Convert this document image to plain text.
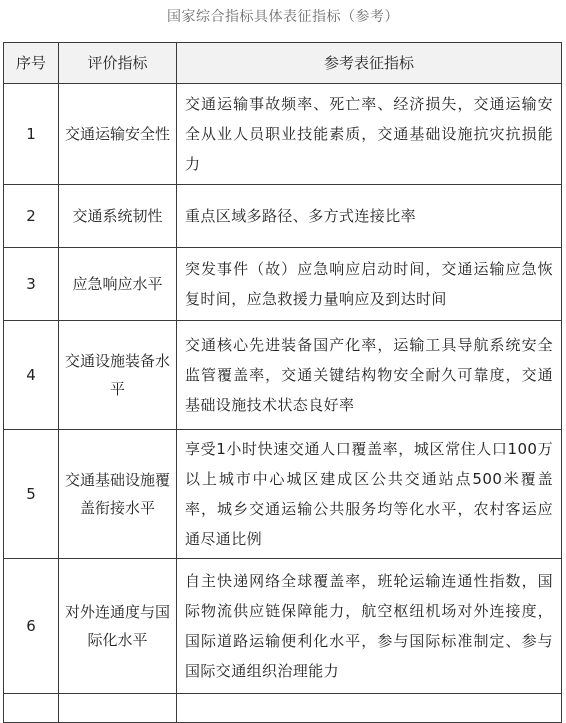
国家综合指标具体表征指标（参考）
序号	评价指标	参考表征指标
1	交通运输安全性	交通运输事故频率、死亡率、经济损失，交通运输安全从业人员职业技能素质，交通基础设施抗灾抗损能力
2	交通系统韧性	重点区域多路径、多方式连接比率
3	应急响应水平	突发事件（故）应急响应启动时间，交通运输应急恢复时间，应急救援力量响应及到达时间
4	交通设施装备水平	交通核心先进装备国产化率，运输工具导航系统安全监管覆盖率，交通关键结构物安全耐久可靠度，交通基础设施技术状态良好率
5	交通基础设施覆盖衔接水平	享受1小时快速交通人口覆盖率，城区常住人口100万以上城市中心城区建成区公共交通站点500米覆盖率，城乡交通运输公共服务均等化水平，农村客运应通尽通比例
6	对外连通度与国际化水平	自主快递网络全球覆盖率，班轮运输连通性指数，国际物流供应链保障能力，航空枢纽机场对外连接度，国际道路运输便利化水平，参与国际标准制定、参与国际交通组织治理能力
